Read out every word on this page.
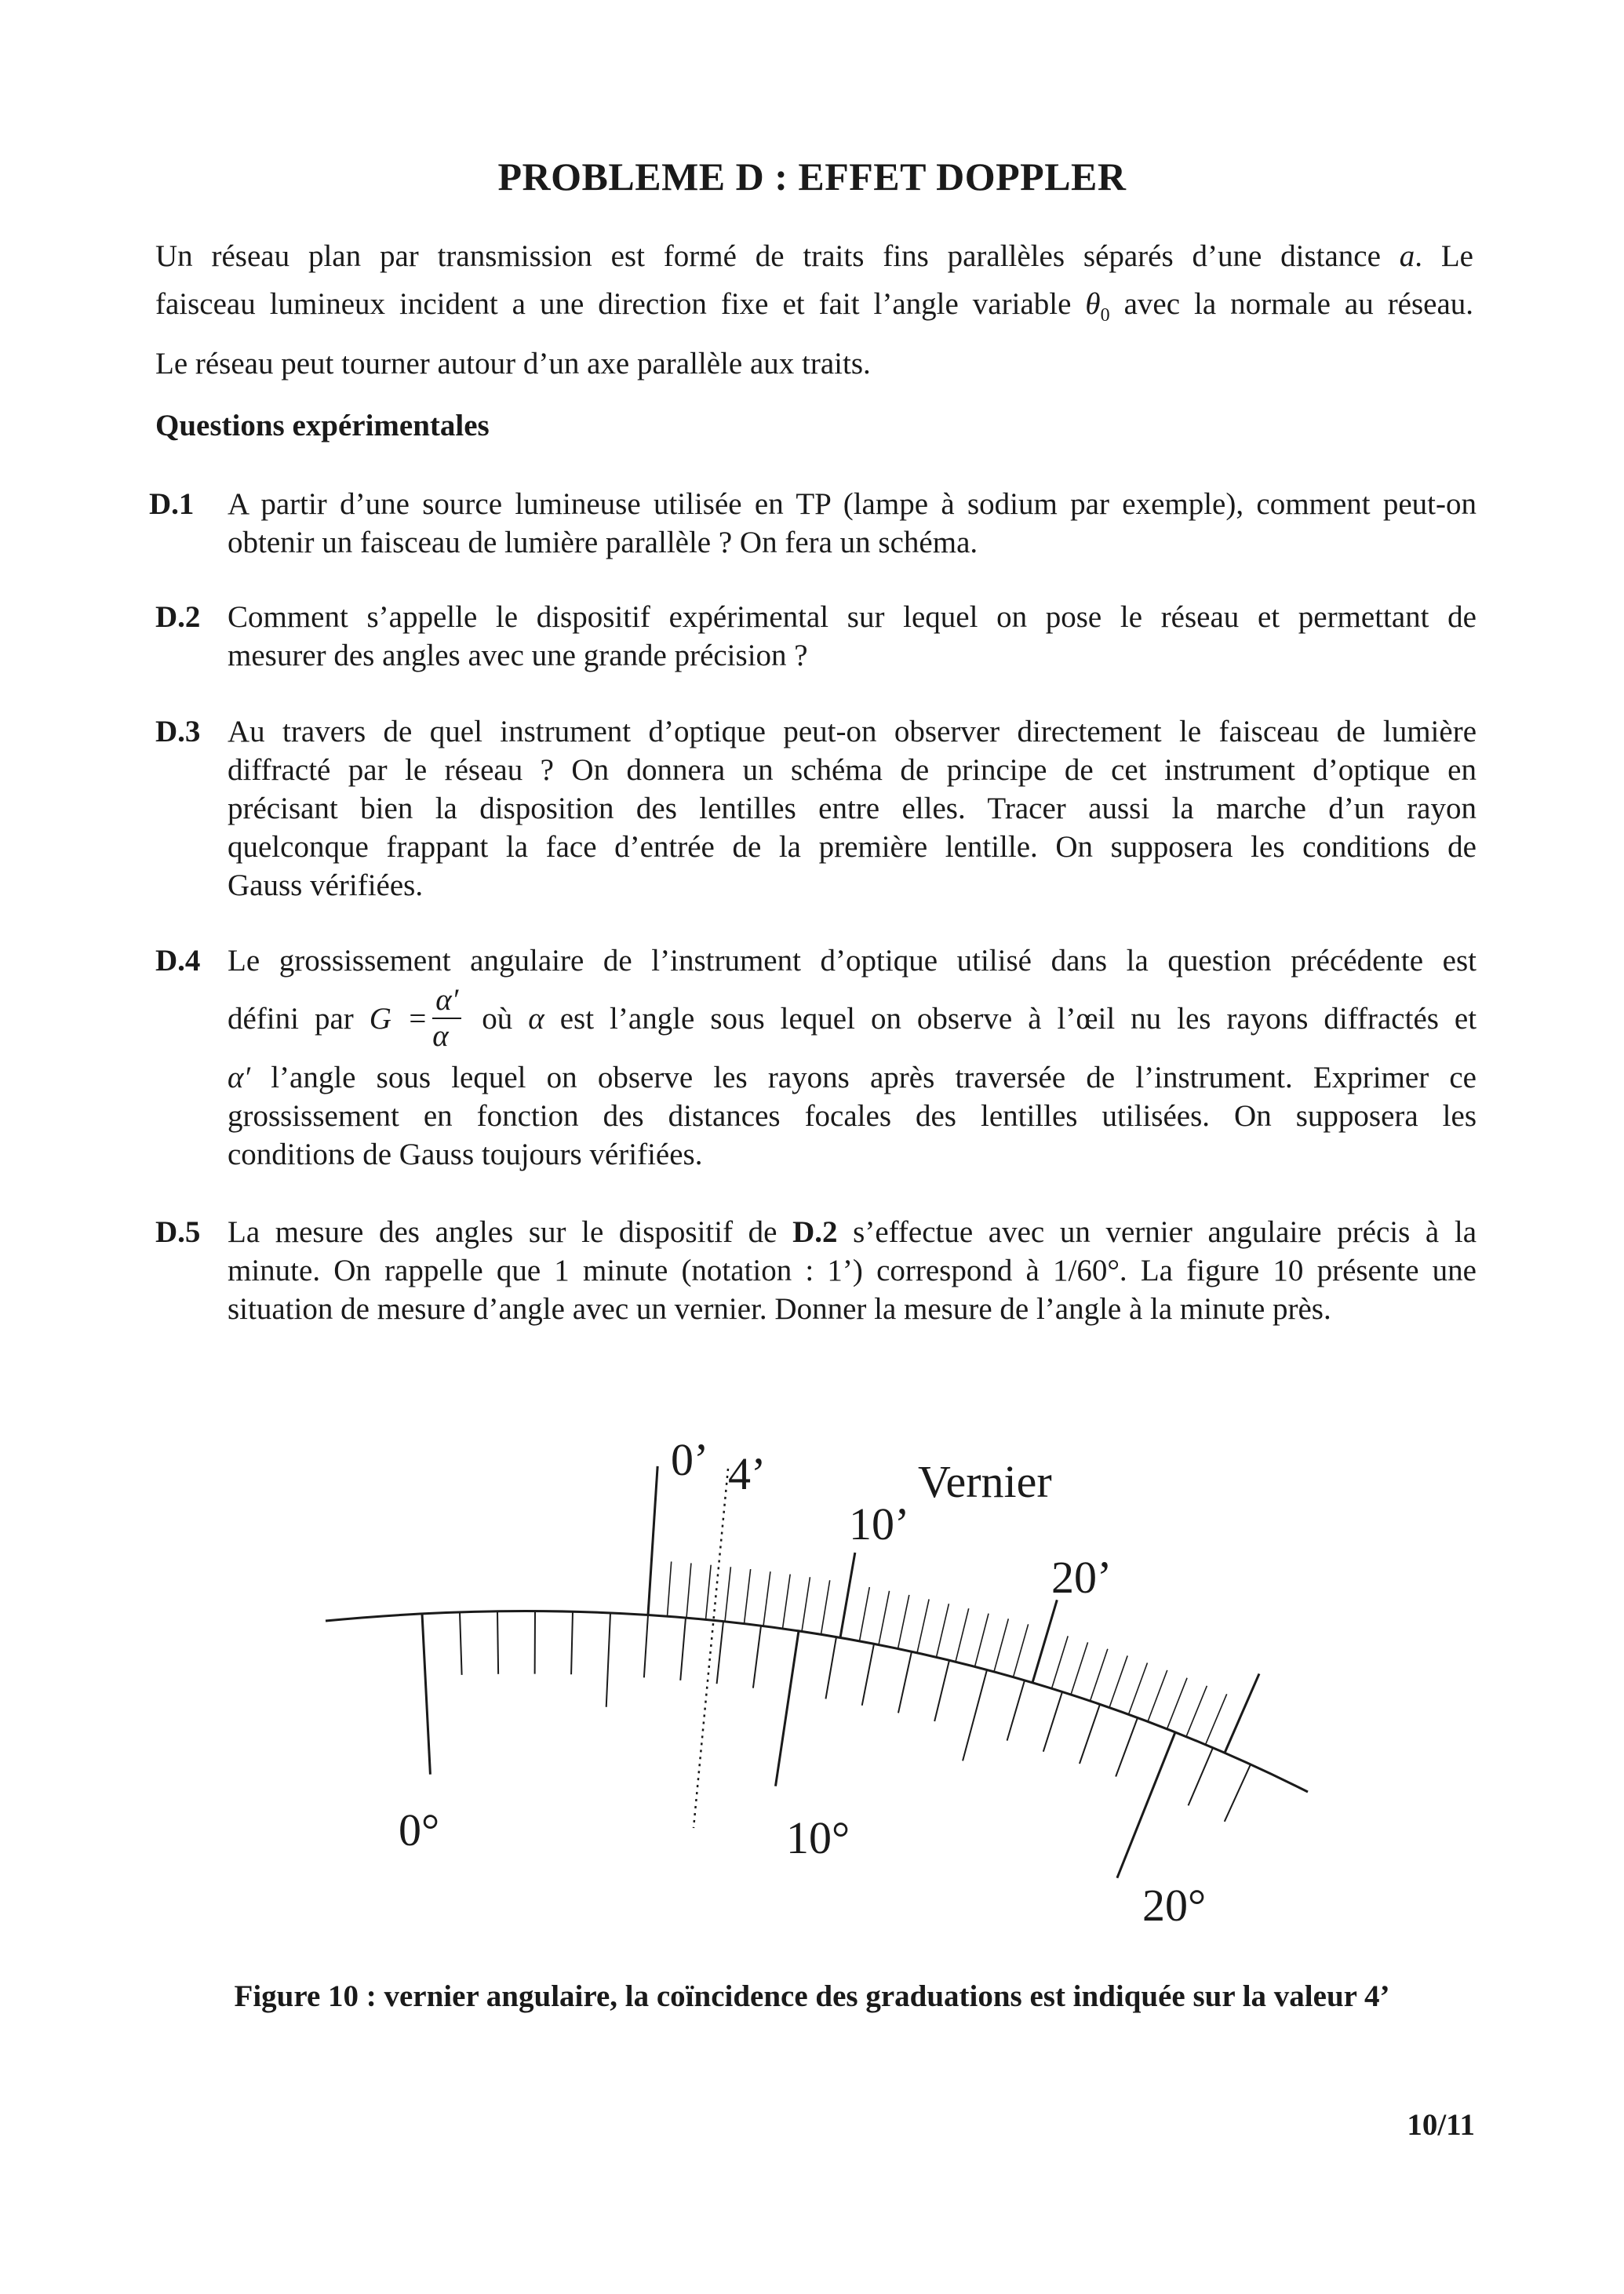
PROBLEME D : EFFET DOPPLER
Un réseau plan par transmission est formé de traits fins parallèles séparés d’une distance a. Le
faisceau lumineux incident a une direction fixe et fait l’angle variable $\theta_0$ avec la normale au réseau.
Le réseau peut tourner autour d’un axe parallèle aux traits.
Questions expérimentales
D.1 A partir d’une source lumineuse utilisée en TP (lampe à sodium par exemple), comment peut-on
obtenir un faisceau de lumière parallèle ? On fera un schéma.
D.2 Comment s’appelle le dispositif expérimental sur lequel on pose le réseau et permettant de
mesurer des angles avec une grande précision ?
D.3 Au travers de quel instrument d’optique peut-on observer directement le faisceau de lumière
diffracté par le réseau ? On donnera un schéma de principe de cet instrument d’optique en
précisant bien la disposition des lentilles entre elles. Tracer aussi la marche d’un rayon
quelconque frappant la face d’entrée de la première lentille. On supposera les conditions de
Gauss vérifiées.
D.4 Le grossissement angulaire de l’instrument d’optique utilisé dans la question précédente est
défini par $G = \frac{\alpha'}{\alpha}$ où α est l’angle sous lequel on observe à l’œil nu les rayons diffractés et
α′ l’angle sous lequel on observe les rayons après traversée de l’instrument. Exprimer ce
grossissement en fonction des distances focales des lentilles utilisées. On supposera les
conditions de Gauss toujours vérifiées.
D.5 La mesure des angles sur le dispositif de D.2 s’effectue avec un vernier angulaire précis à la
minute. On rappelle que 1 minute (notation : 1’) correspond à 1/60°. La figure 10 présente une
situation de mesure d’angle avec un vernier. Donner la mesure de l’angle à la minute près.
Vernier
0’ 4’
10’
20’
0°	10°
20°
Figure 10 : vernier angulaire, la coïncidence des graduations est indiquée sur la valeur 4’
10/11
